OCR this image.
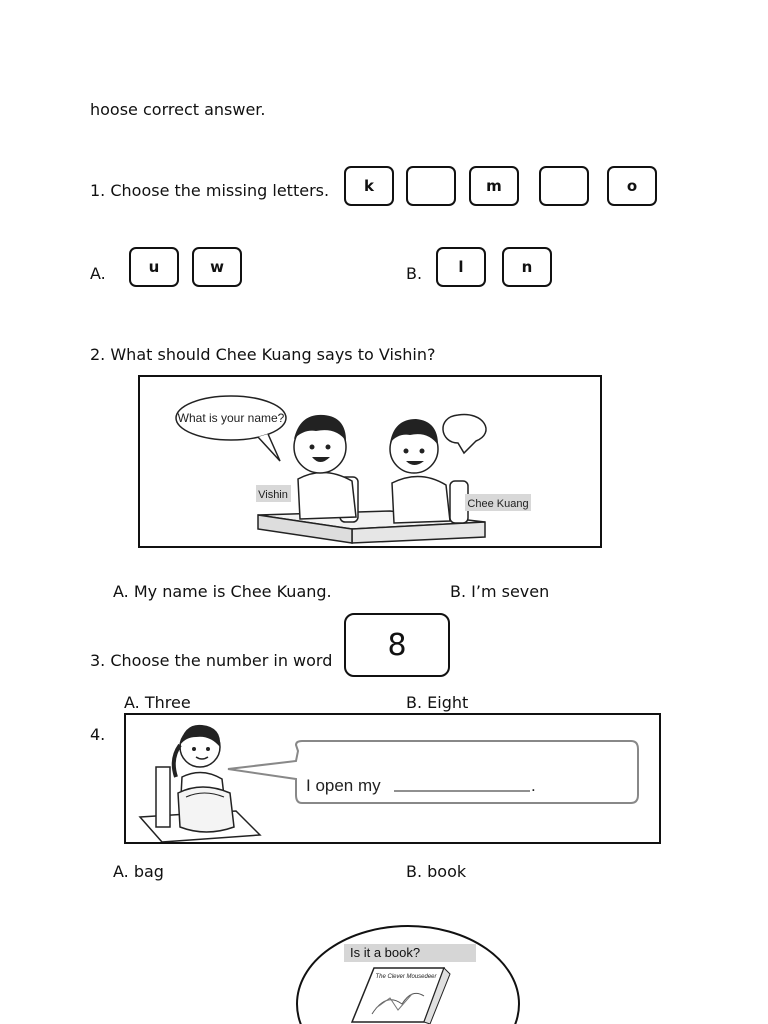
hoose correct answer.
1. Choose the missing letters.	k	m	o
A.	u	w	B.	l	n
2. What should Chee Kuang says to Vishin?
What is your name?
Vishin
Chee Kuang
A. My name is Chee Kuang.	B. I’m seven
3. Choose the number in word	8
A. Three	B. Eight
4.
I open my	.
A. bag	B. book
Is it a book?
The Clever Mousedeer
